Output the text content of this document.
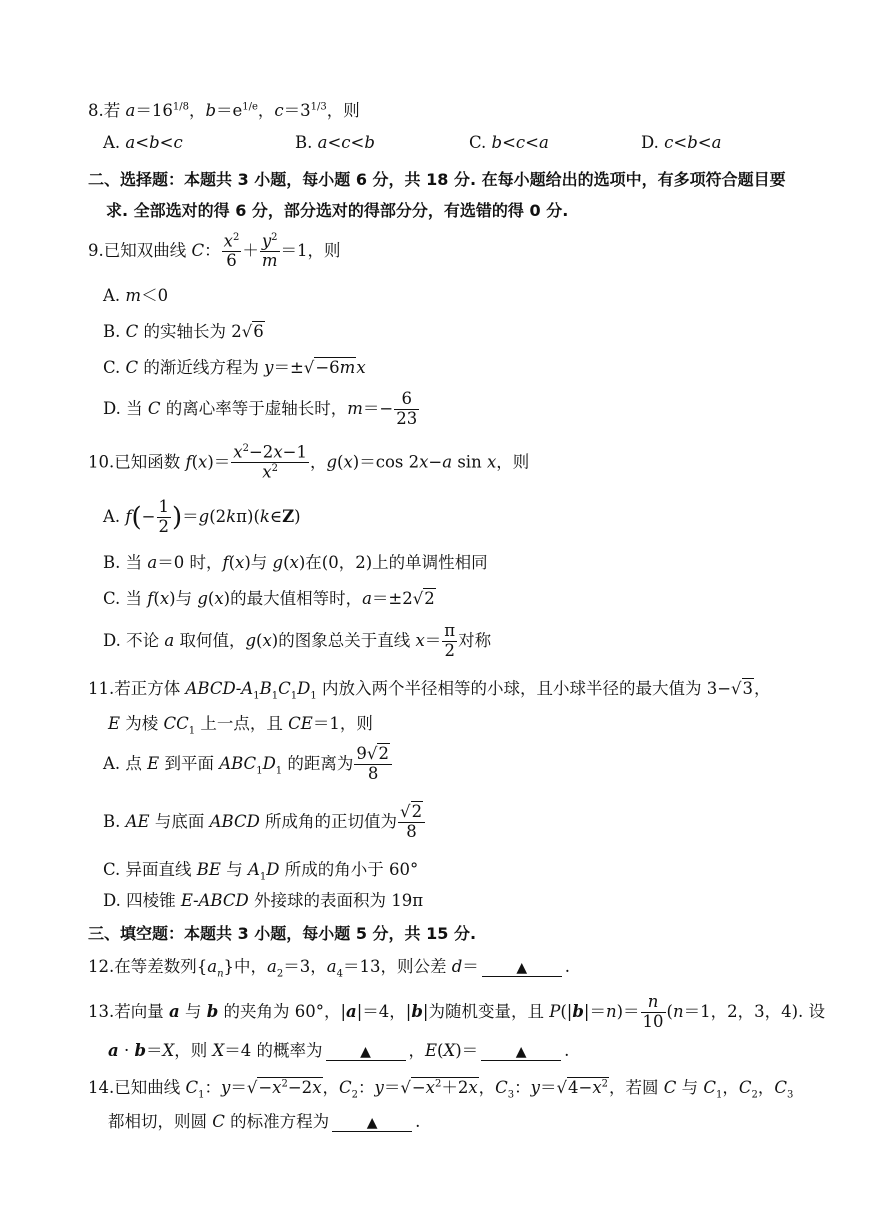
8.若 $a=16^{1/8}$，$b=e^{1/e}$，$c=3^{1/3}$，则
A. a<b<c	B. a<c<b	C. b<c<a	D. c<b<a
二、选择题：本题共 3 小题，每小题 6 分，共 18 分. 在每小题给出的选项中，有多项符合题目要
求. 全部选对的得 6 分，部分选对的得部分分，有选错的得 0 分.
9.已知双曲线 C： $\frac{x^2}{6} + \frac{y^2}{m} =1$，则
A. m＜0
B. C 的实轴长为 2√6
C. C 的渐近线方程为 y＝±√−6mx
D. 当 C 的离心率等于虚轴长时，$m=- \frac{6}{23}$
10.已知函数 $f(x)= \frac{x^2-2x-1}{x^2}$ ，g(x)＝cos 2x−a sin x，则
A. $f(- \frac{1}{2}$ )＝g(2kπ)(k∈Z)
B. 当 a＝0 时，f(x)与 g(x)在(0，2)上的单调性相同
C. 当 f(x)与 g(x)的最大值相等时，a＝±2√2
D. 不论 a 取何值，g(x)的图象总关于直线 $x= \frac{\pi}{2}$ 对称
11.若正方体 ABCD-$A_1B_1C_1D_1$ 内放入两个半径相等的小球，且小球半径的最大值为 3−√3，
E 为棱 $CC_1$ 上一点，且 CE＝1，则
A. 点 E 到平面 $ABC_1D_1$ 的距离为 $\frac{9√2}{8}$
B. AE 与底面 ABCD 所成角的正切值为 $\frac{√2}{8}$
C. 异面直线 BE 与 $A_1D$ 所成的角小于 60°
D. 四棱锥 E-ABCD 外接球的表面积为 19π
三、填空题：本题共 3 小题，每小题 5 分，共 15 分.
12.在等差数列$\{a_n\}$中，$a_2=3$，$a_4=13$，则公差 d＝	▲ .
13.若向量 a 与 b 的夹角为 60°，|a|＝4，|b|为随机变量，且 $P(|b|=n)= \frac{n}{10} (n=1$，2，3，4). 设
a · b＝X，则 X＝4 的概率为	▲ ，E(X)＝	▲ .
14.已知曲线 $C_1$：$y=√-x^2-2x$，$C_2$：$y=√-x^2+2x$，$C_3$：$y=√4-x^2$，若圆 C 与 $C_1$，$C_2$，$C_3$
都相切，则圆 C 的标准方程为	▲ .
